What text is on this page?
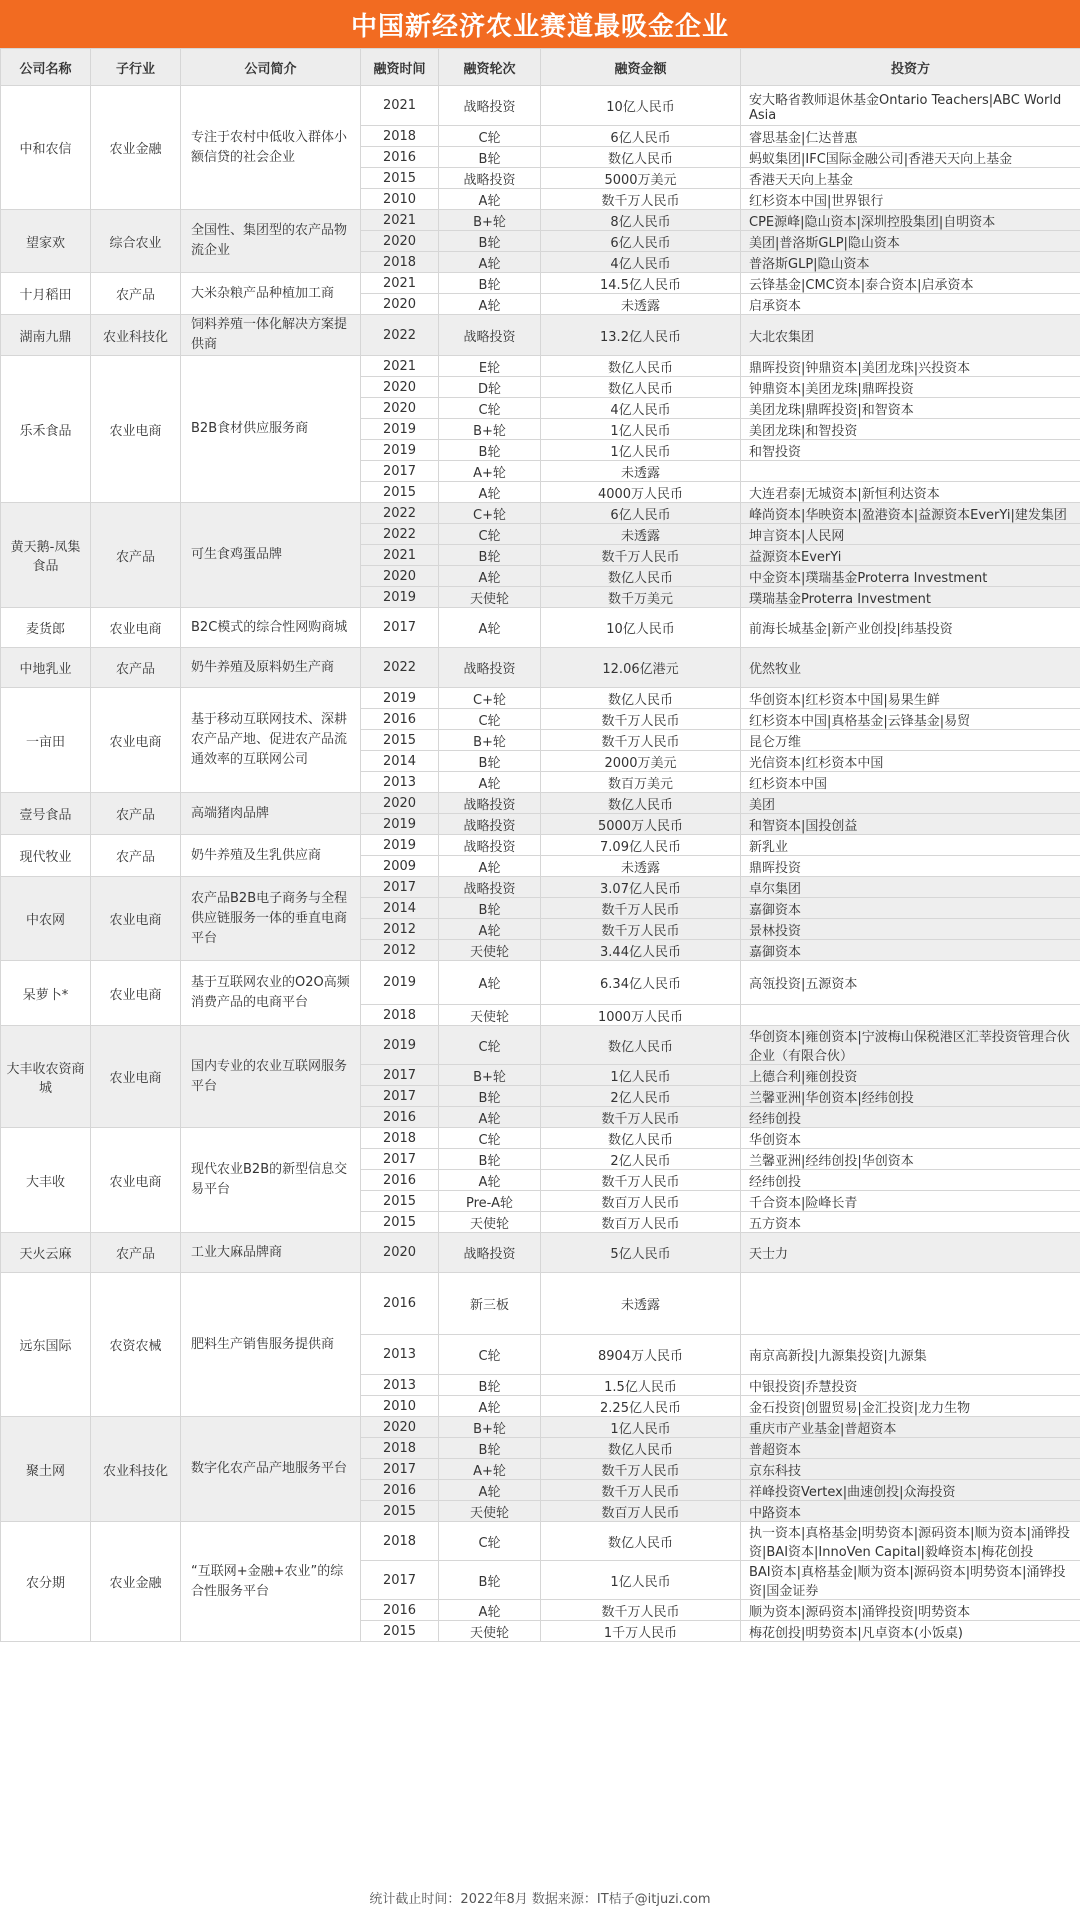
中国新经济农业赛道最吸金企业
公司名称	子行业	公司简介	融资时间	融资轮次	融资金额	投资方
中和农信	农业金融	专注于农村中低收入群体小额信贷的社会企业	2021	战略投资	10亿人民币	安大略省教师退休基金Ontario Teachers|ABC World Asia
			2018	C轮	6亿人民币	睿思基金|仁达普惠
			2016	B轮	数亿人民币	蚂蚁集团|IFC国际金融公司|香港天天向上基金
			2015	战略投资	5000万美元	香港天天向上基金
			2010	A轮	数千万人民币	红杉资本中国|世界银行
望家欢	综合农业	全国性、集团型的农产品物流企业	2021	B+轮	8亿人民币	CPE源峰|隐山资本|深圳控股集团|自明资本
			2020	B轮	6亿人民币	美团|普洛斯GLP|隐山资本
			2018	A轮	4亿人民币	普洛斯GLP|隐山资本
十月稻田	农产品	大米杂粮产品种植加工商	2021	B轮	14.5亿人民币	云锋基金|CMC资本|泰合资本|启承资本
			2020	A轮	未透露	启承资本
湖南九鼎	农业科技化	饲料养殖一体化解决方案提供商	2022	战略投资	13.2亿人民币	大北农集团
乐禾食品	农业电商	B2B食材供应服务商	2021	E轮	数亿人民币	鼎晖投资|钟鼎资本|美团龙珠|兴投资本
			2020	D轮	数亿人民币	钟鼎资本|美团龙珠|鼎晖投资
			2020	C轮	4亿人民币	美团龙珠|鼎晖投资|和智资本
			2019	B+轮	1亿人民币	美团龙珠|和智投资
			2019	B轮	1亿人民币	和智投资
			2017	A+轮	未透露	
			2015	A轮	4000万人民币	大连君泰|无城资本|新恒利达资本
黄天鹅-凤集食品	农产品	可生食鸡蛋品牌	2022	C+轮	6亿人民币	峰尚资本|华映资本|盈港资本|益源资本EverYi|建发集团
			2022	C轮	未透露	坤言资本|人民网
			2021	B轮	数千万人民币	益源资本EverYi
			2020	A轮	数亿人民币	中金资本|璞瑞基金Proterra Investment
			2019	天使轮	数千万美元	璞瑞基金Proterra Investment
麦货郎	农业电商	B2C模式的综合性网购商城	2017	A轮	10亿人民币	前海长城基金|新产业创投|纬基投资
中地乳业	农产品	奶牛养殖及原料奶生产商	2022	战略投资	12.06亿港元	优然牧业
一亩田	农业电商	基于移动互联网技术、深耕农产品产地、促进农产品流通效率的互联网公司	2019	C+轮	数亿人民币	华创资本|红杉资本中国|易果生鲜
			2016	C轮	数千万人民币	红杉资本中国|真格基金|云锋基金|易贸
			2015	B+轮	数千万人民币	昆仑万维
			2014	B轮	2000万美元	光信资本|红杉资本中国
			2013	A轮	数百万美元	红杉资本中国
壹号食品	农产品	高端猪肉品牌	2020	战略投资	数亿人民币	美团
			2019	战略投资	5000万人民币	和智资本|国投创益
现代牧业	农产品	奶牛养殖及生乳供应商	2019	战略投资	7.09亿人民币	新乳业
			2009	A轮	未透露	鼎晖投资
中农网	农业电商	农产品B2B电子商务与全程供应链服务一体的垂直电商平台	2017	战略投资	3.07亿人民币	卓尔集团
			2014	B轮	数千万人民币	嘉御资本
			2012	A轮	数千万人民币	景林投资
			2012	天使轮	3.44亿人民币	嘉御资本
呆萝卜*	农业电商	基于互联网农业的O2O高频消费产品的电商平台	2019	A轮	6.34亿人民币	高瓴投资|五源资本
			2018	天使轮	1000万人民币	
大丰收农资商城	农业电商	国内专业的农业互联网服务平台	2019	C轮	数亿人民币	华创资本|雍创资本|宁波梅山保税港区汇莘投资管理合伙企业（有限合伙）
			2017	B+轮	1亿人民币	上德合利|雍创投资
			2017	B轮	2亿人民币	兰馨亚洲|华创资本|经纬创投
			2016	A轮	数千万人民币	经纬创投
大丰收	农业电商	现代农业B2B的新型信息交易平台	2018	C轮	数亿人民币	华创资本
			2017	B轮	2亿人民币	兰馨亚洲|经纬创投|华创资本
			2016	A轮	数千万人民币	经纬创投
			2015	Pre-A轮	数百万人民币	千合资本|险峰长青
			2015	天使轮	数百万人民币	五方资本
天火云麻	农产品	工业大麻品牌商	2020	战略投资	5亿人民币	天士力
远东国际	农资农械	肥料生产销售服务提供商	2016	新三板	未透露	
			2013	C轮	8904万人民币	南京高新投|九源集投资|九源集
			2013	B轮	1.5亿人民币	中银投资|乔慧投资
			2010	A轮	2.25亿人民币	金石投资|创盟贸易|金汇投资|龙力生物
聚土网	农业科技化	数字化农产品产地服务平台	2020	B+轮	1亿人民币	重庆市产业基金|普超资本
			2018	B轮	数亿人民币	普超资本
			2017	A+轮	数千万人民币	京东科技
			2016	A轮	数千万人民币	祥峰投资Vertex|曲速创投|众海投资
			2015	天使轮	数百万人民币	中路资本
农分期	农业金融	“互联网+金融+农业”的综合性服务平台	2018	C轮	数亿人民币	执一资本|真格基金|明势资本|源码资本|顺为资本|涌铧投资|BAI资本|InnoVen Capital|毅峰资本|梅花创投
			2017	B轮	1亿人民币	BAI资本|真格基金|顺为资本|源码资本|明势资本|涌铧投资|国金证券
			2016	A轮	数千万人民币	顺为资本|源码资本|涌铧投资|明势资本
			2015	天使轮	1千万人民币	梅花创投|明势资本|凡卓资本(小饭桌)
统计截止时间：2022年8月 数据来源：IT桔子@itjuzi.com
